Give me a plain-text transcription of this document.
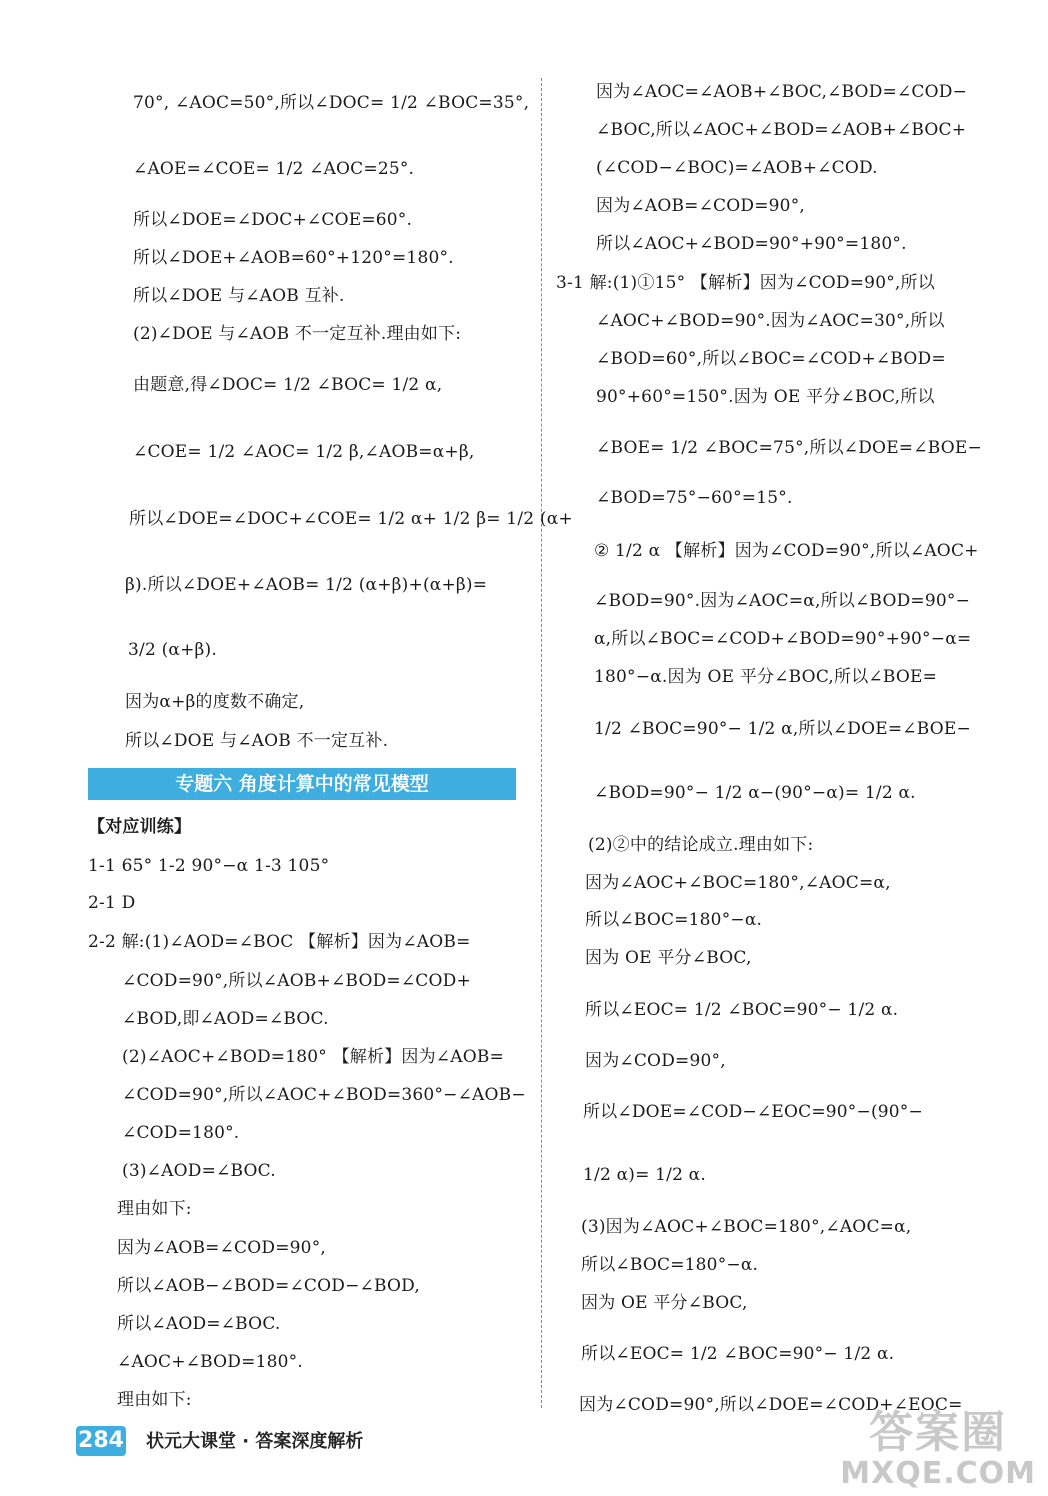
70°, ∠AOC=50°,所以∠DOC= 1/2 ∠BOC=35°,
∠AOE=∠COE= 1/2 ∠AOC=25°.
所以∠DOE=∠DOC+∠COE=60°.
所以∠DOE+∠AOB=60°+120°=180°.
所以∠DOE 与∠AOB 互补.
(2)∠DOE 与∠AOB 不一定互补.理由如下:
由题意,得∠DOC= 1/2 ∠BOC= 1/2 α,
∠COE= 1/2 ∠AOC= 1/2 β,∠AOB=α+β,
所以∠DOE=∠DOC+∠COE= 1/2 α+ 1/2 β= 1/2 (α+
β).所以∠DOE+∠AOB= 1/2 (α+β)+(α+β)=
3/2 (α+β).
因为α+β的度数不确定,
所以∠DOE 与∠AOB 不一定互补.
专题六 角度计算中的常见模型
【对应训练】
1-1 65° 1-2 90°−α 1-3 105°
2-1 D
2-2 解:(1)∠AOD=∠BOC 【解析】因为∠AOB=
∠COD=90°,所以∠AOB+∠BOD=∠COD+
∠BOD,即∠AOD=∠BOC.
(2)∠AOC+∠BOD=180° 【解析】因为∠AOB=
∠COD=90°,所以∠AOC+∠BOD=360°−∠AOB−
∠COD=180°.
(3)∠AOD=∠BOC.
理由如下:
因为∠AOB=∠COD=90°,
所以∠AOB−∠BOD=∠COD−∠BOD,
所以∠AOD=∠BOC.
∠AOC+∠BOD=180°.
理由如下:
因为∠AOC=∠AOB+∠BOC,∠BOD=∠COD−
∠BOC,所以∠AOC+∠BOD=∠AOB+∠BOC+
(∠COD−∠BOC)=∠AOB+∠COD.
因为∠AOB=∠COD=90°,
所以∠AOC+∠BOD=90°+90°=180°.
3-1 解:(1)①15° 【解析】因为∠COD=90°,所以
∠AOC+∠BOD=90°.因为∠AOC=30°,所以
∠BOD=60°,所以∠BOC=∠COD+∠BOD=
90°+60°=150°.因为 OE 平分∠BOC,所以
∠BOE= 1/2 ∠BOC=75°,所以∠DOE=∠BOE−
∠BOD=75°−60°=15°.
② 1/2 α 【解析】因为∠COD=90°,所以∠AOC+
∠BOD=90°.因为∠AOC=α,所以∠BOD=90°−
α,所以∠BOC=∠COD+∠BOD=90°+90°−α=
180°−α.因为 OE 平分∠BOC,所以∠BOE=
1/2 ∠BOC=90°− 1/2 α,所以∠DOE=∠BOE−
∠BOD=90°− 1/2 α−(90°−α)= 1/2 α.
(2)②中的结论成立.理由如下:
因为∠AOC+∠BOC=180°,∠AOC=α,
所以∠BOC=180°−α.
因为 OE 平分∠BOC,
所以∠EOC= 1/2 ∠BOC=90°− 1/2 α.
因为∠COD=90°,
所以∠DOE=∠COD−∠EOC=90°−(90°−
1/2 α)= 1/2 α.
(3)因为∠AOC+∠BOC=180°,∠AOC=α,
所以∠BOC=180°−α.
因为 OE 平分∠BOC,
所以∠EOC= 1/2 ∠BOC=90°− 1/2 α.
因为∠COD=90°,所以∠DOE=∠COD+∠EOC=
284 状元大课堂 · 答案深度解析	答案圈
MXQE.COM
